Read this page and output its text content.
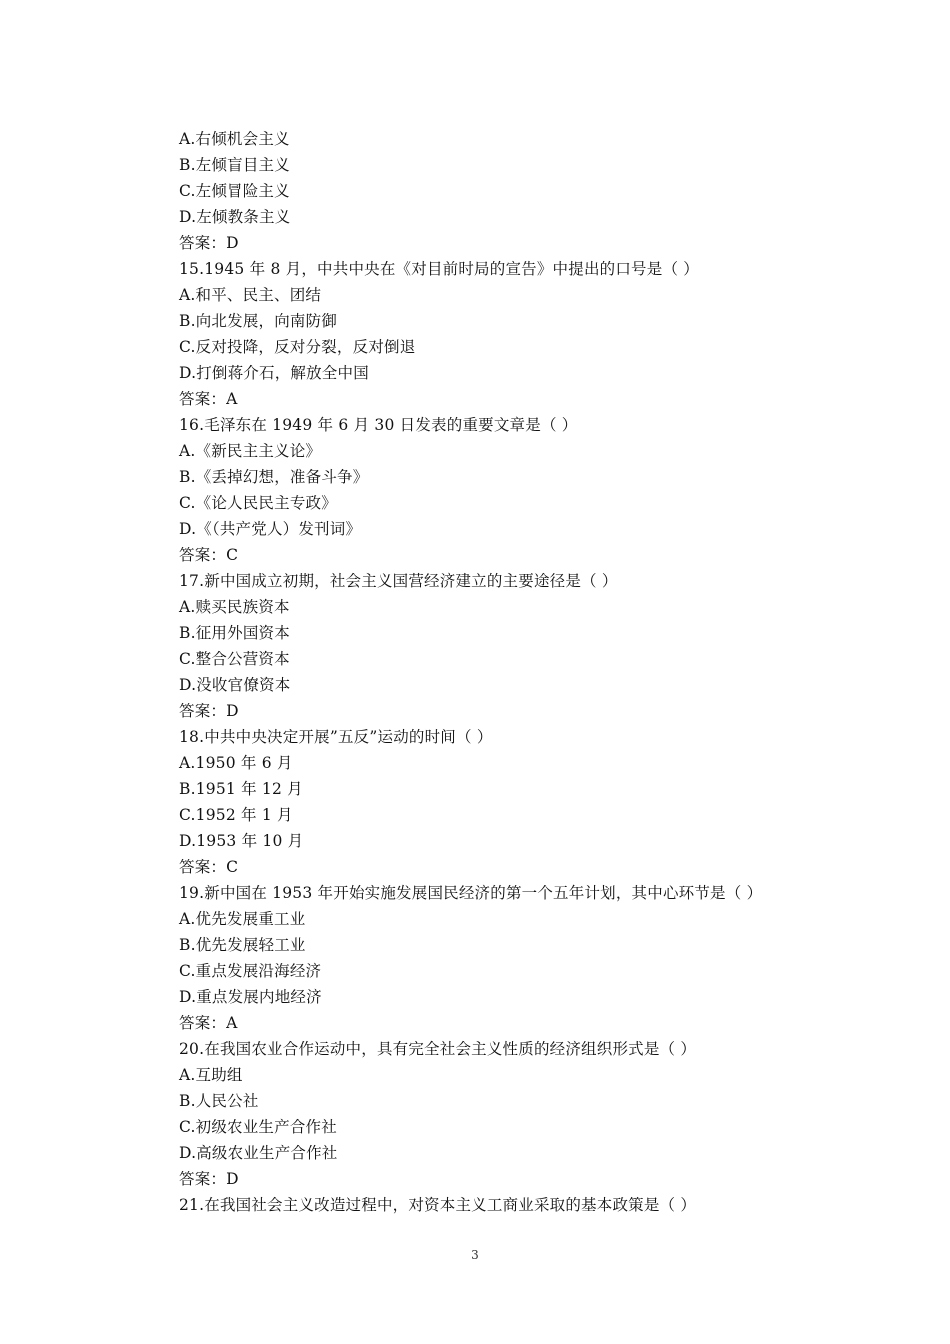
A.右倾机会主义
B.左倾盲目主义
C.左倾冒险主义
D.左倾教条主义
答案：D
15.1945 年 8 月，中共中央在《对目前时局的宣告》中提出的口号是（ ）
A.和平、民主、团结
B.向北发展，向南防御
C.反对投降，反对分裂，反对倒退
D.打倒蒋介石，解放全中国
答案：A
16.毛泽东在 1949 年 6 月 30 日发表的重要文章是（ ）
A.《新民主主义论》
B.《丢掉幻想，准备斗争》
C.《论人民民主专政》
D.《（共产党人）发刊词》
答案：C
17.新中国成立初期，社会主义国营经济建立的主要途径是（ ）
A.赎买民族资本
B.征用外国资本
C.整合公营资本
D.没收官僚资本
答案：D
18.中共中央决定开展”五反”运动的时间（ ）
A.1950 年 6 月
B.1951 年 12 月
C.1952 年 1 月
D.1953 年 10 月
答案：C
19.新中国在 1953 年开始实施发展国民经济的第一个五年计划，其中心环节是（ ）
A.优先发展重工业
B.优先发展轻工业
C.重点发展沿海经济
D.重点发展内地经济
答案：A
20.在我国农业合作运动中，具有完全社会主义性质的经济组织形式是（ ）
A.互助组
B.人民公社
C.初级农业生产合作社
D.高级农业生产合作社
答案：D
21.在我国社会主义改造过程中，对资本主义工商业采取的基本政策是（ ）
3
